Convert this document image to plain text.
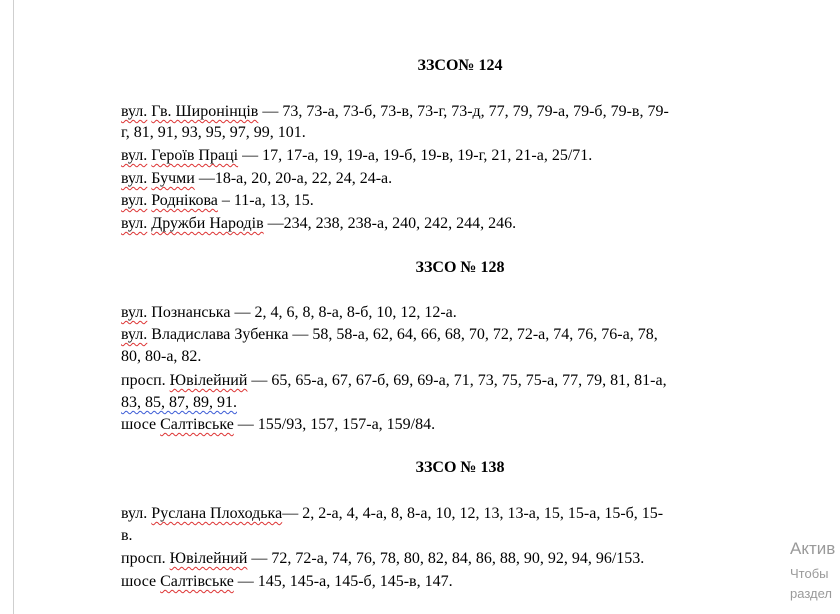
ЗЗСО№ 124
вул. Гв. Широнінців — 73, 73-а, 73-б, 73-в, 73-г, 73-д, 77, 79, 79-а, 79-б, 79-в, 79-
г, 81, 91, 93, 95, 97, 99, 101.
вул. Героїв Праці — 17, 17-а, 19, 19-а, 19-б, 19-в, 19-г, 21, 21-а, 25/71.
вул. Бучми —18-а, 20, 20-а, 22, 24, 24-а.
вул. Роднікова – 11-а, 13, 15.
вул. Дружби Народів —234, 238, 238-а, 240, 242, 244, 246.
ЗЗСО № 128
вул. Познанська — 2, 4, 6, 8, 8-а, 8-б, 10, 12, 12-а.
вул. Владислава Зубенка — 58, 58-а, 62, 64, 66, 68, 70, 72, 72-а, 74, 76, 76-а, 78,
80, 80-а, 82.
просп. Ювілейний — 65, 65-а, 67, 67-б, 69, 69-а, 71, 73, 75, 75-а, 77, 79, 81, 81-а,
83, 85, 87, 89, 91.
шосе Салтівське — 155/93, 157, 157-а, 159/84.
ЗЗСО № 138
вул. Руслана Плоходька— 2, 2-а, 4, 4-а, 8, 8-а, 10, 12, 13, 13-а, 15, 15-а, 15-б, 15-
в.
просп. Ювілейний — 72, 72-а, 74, 76, 78, 80, 82, 84, 86, 88, 90, 92, 94, 96/153.
шосе Салтівське — 145, 145-а, 145-б, 145-в, 147.
Актив
Чтобы
раздел
